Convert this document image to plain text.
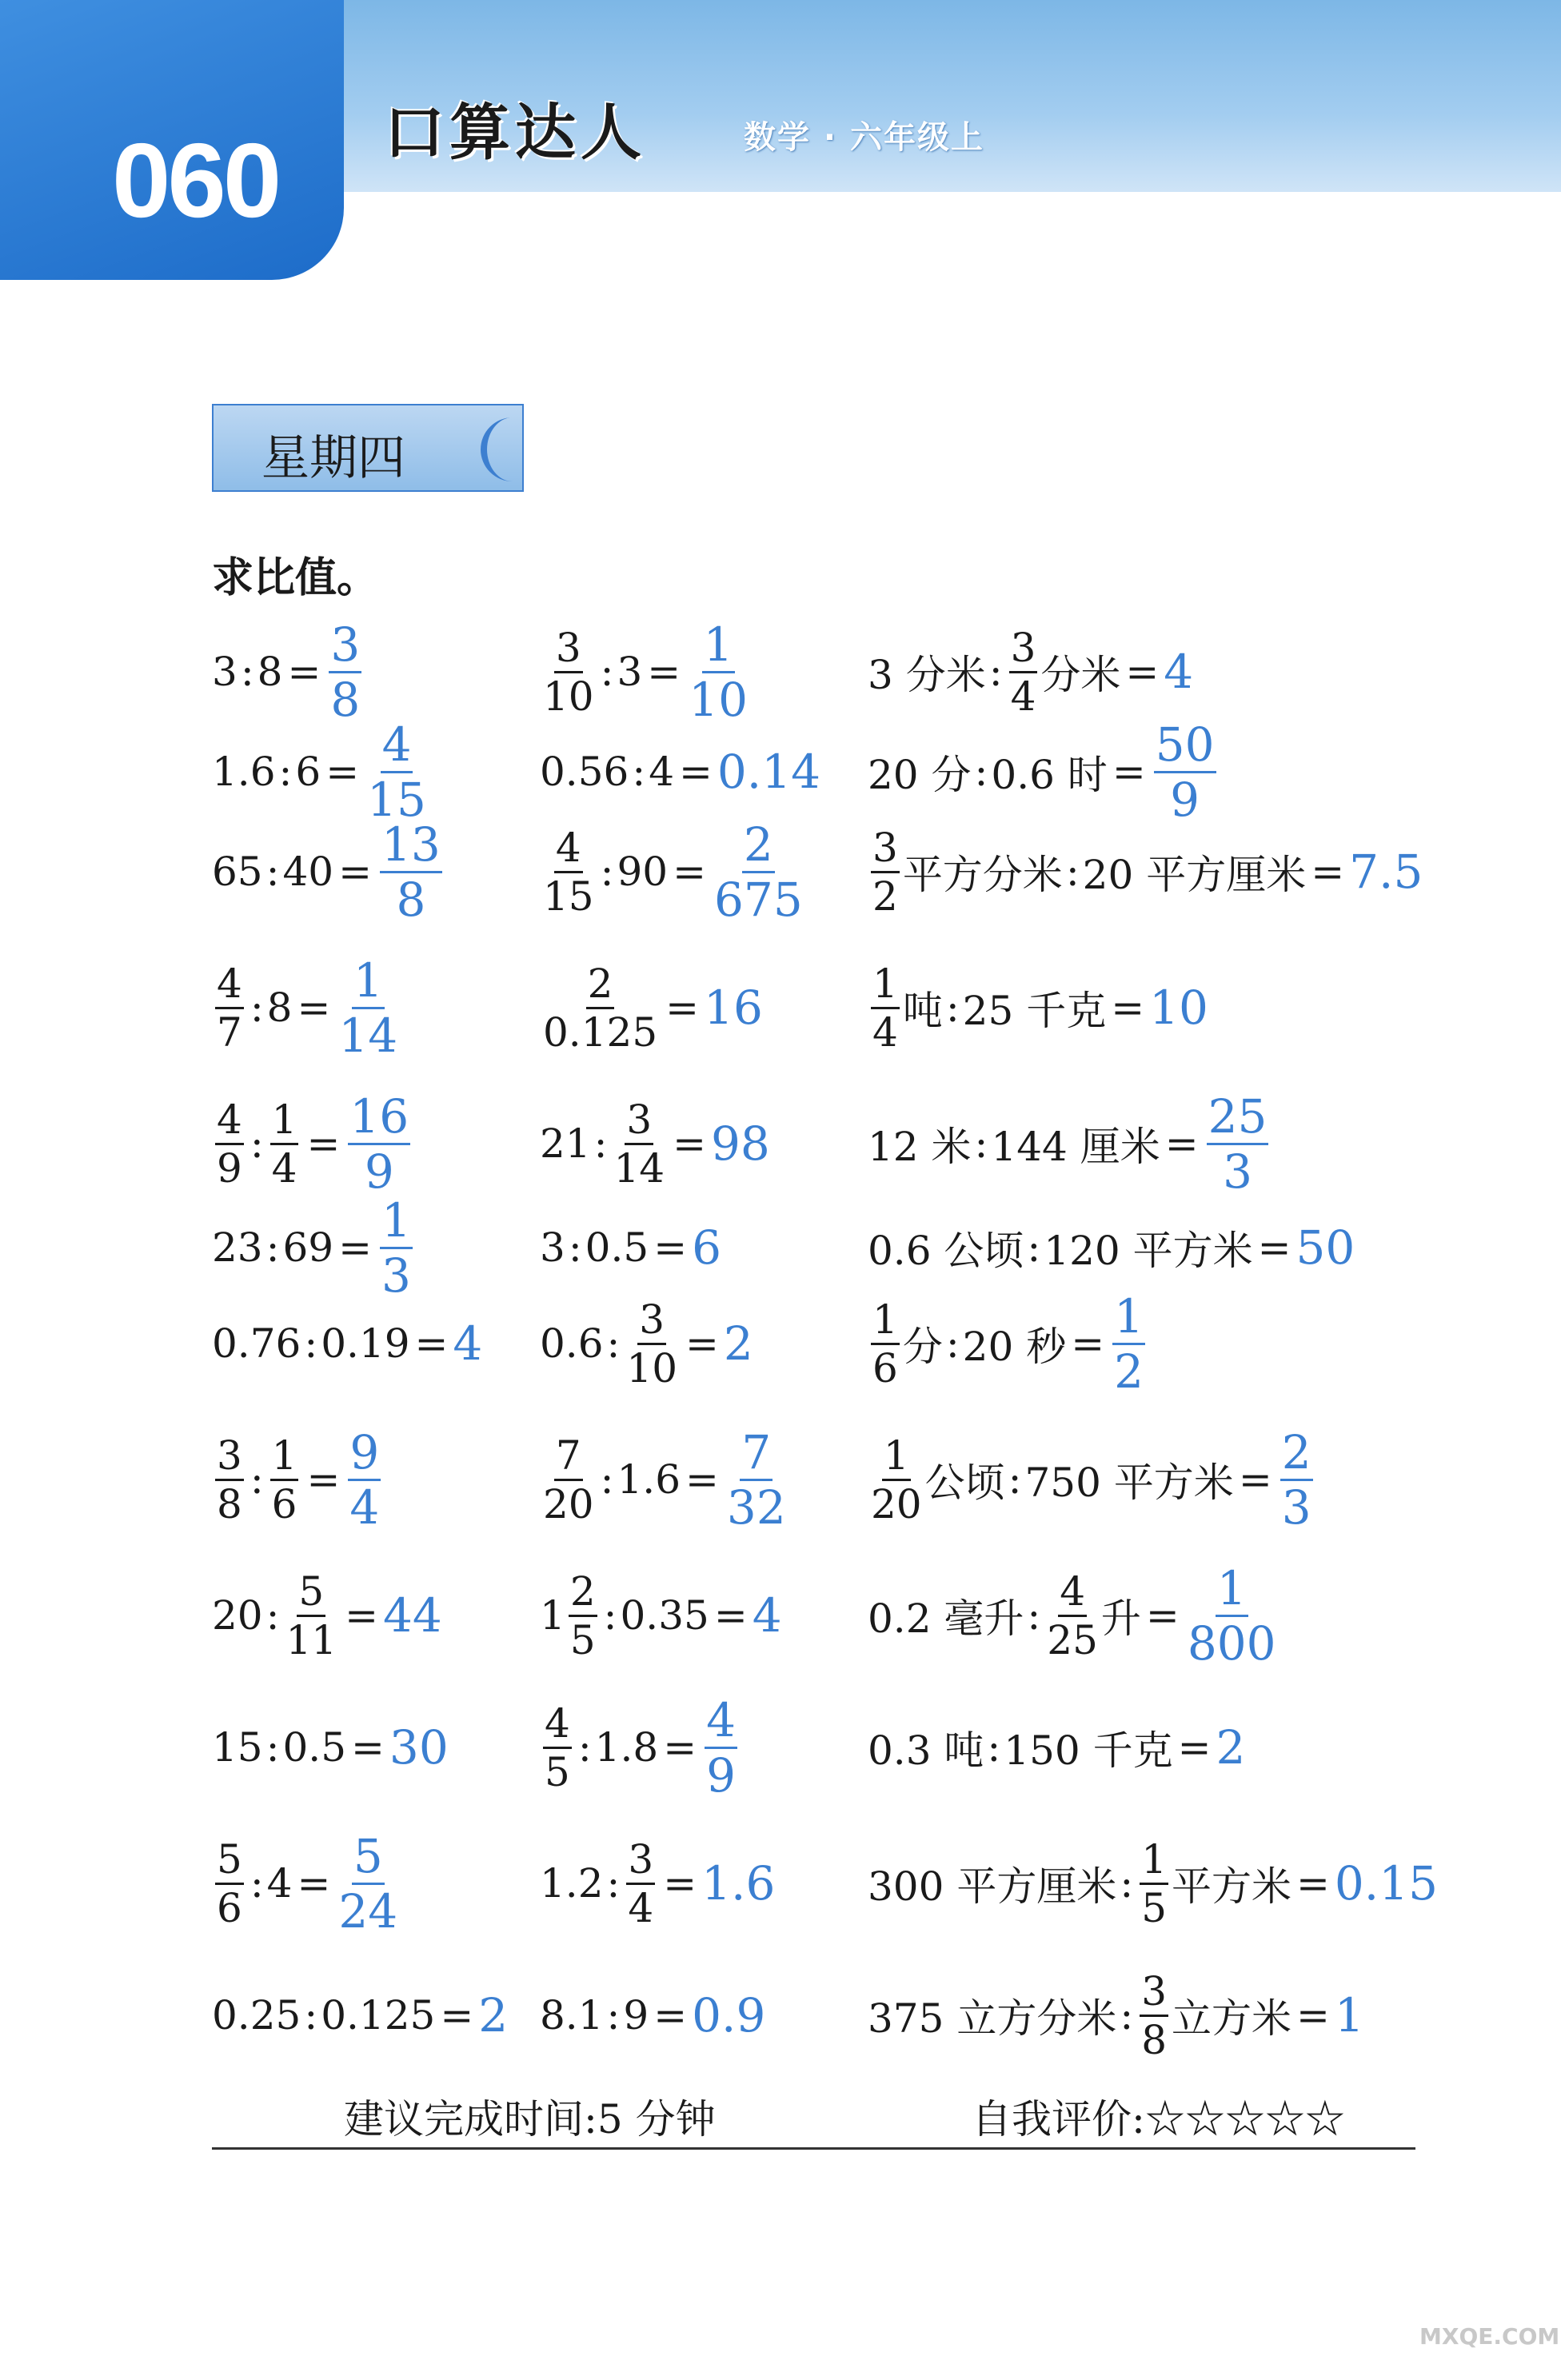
060 口算达人	数学 · 六年级上
星期四
求比值。
3 : $8 = \frac{3}{8}$
1.6 : $6 = \frac{4}{15}$
65 : $40 = \frac{13}{8}$
$\frac{4}{7}$ : $8 = \frac{1}{14}$
$\frac{4}{9}$ : $\frac{1}{4} = \frac{16}{9}$
23 : $69 = \frac{1}{3}$
0.76 : 0.19 = 4
$\frac{3}{8}$ : $\frac{1}{6} = \frac{9}{4}$
20 : $\frac{5}{11} = 44$
15 : 0.5 = 30
$\frac{5}{6}$ : $4 = \frac{5}{24}$
0.25 : 0.125 = 2
$\frac{3}{10}$ : $3 = \frac{1}{10}$
0.56 : 4 = 0.14
$\frac{4}{15}$ : $90 = \frac{2}{675}$
$\frac{2}{0.125} = 16$
21 : $\frac{3}{14} = 98$
3 : 0.5 = 6
0.6 : $\frac{3}{10} = 2$
$\frac{7}{20}$ : $1.6 = \frac{7}{32}$
$1 \frac{2}{5}$ : 0.35 = 4
$\frac{4}{5}$ : $1.8 = \frac{4}{9}$
1.2 : $\frac{3}{4} = 1.6$
8.1 : 9 = 0.9
3 分米 : $\frac{3}{4}$ 分米 = 4
20 分 : 0.6 时 = $\frac{50}{9}$
$\frac{3}{2}$ 平方分米 : 20 平方厘米 = 7.5
$\frac{1}{4}$ 吨 : 25 千克 = 10
12 米 : 144 厘米 = $\frac{25}{3}$
0.6 公顷 : 120 平方米 = 50
$\frac{1}{6}$ 分 : 20 秒 = $\frac{1}{2}$
$\frac{1}{20}$ 公顷 : 750 平方米 = $\frac{2}{3}$
0.2 毫升 : $\frac{4}{25}$ 升 = $\frac{1}{800}$
0.3 吨 : 150 千克 = 2
300 平方厘米 : $\frac{1}{5}$ 平方米 = 0.15
375 立方分米 : $\frac{3}{8}$ 立方米 = 1
建议完成时间:5 分钟	自我评价:☆☆☆☆☆
MXQE.COM
